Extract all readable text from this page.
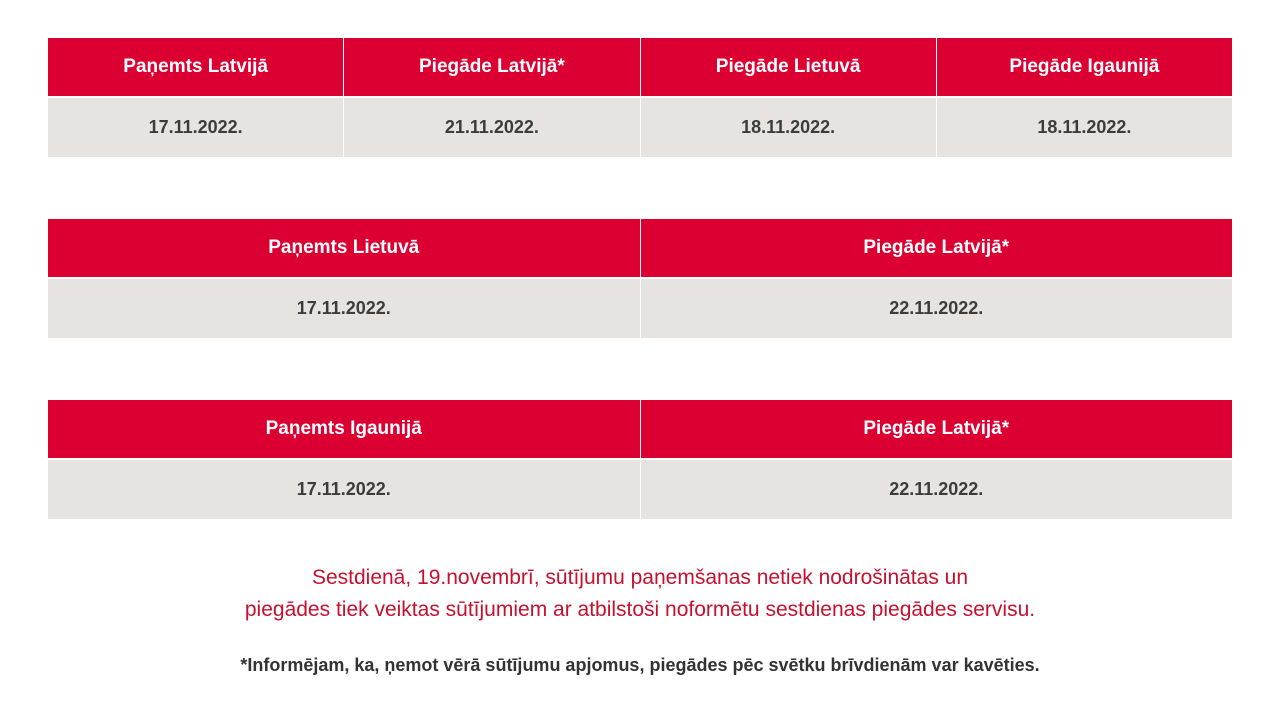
Paņemts Latvijā	Piegāde Latvijā*	Piegāde Lietuvā	Piegāde Igaunijā
17.11.2022.	21.11.2022.	18.11.2022.	18.11.2022.
Paņemts Lietuvā	Piegāde Latvijā*
17.11.2022.	22.11.2022.
Paņemts Igaunijā	Piegāde Latvijā*
17.11.2022.	22.11.2022.
Sestdienā, 19.novembrī, sūtījumu paņemšanas netiek nodrošinātas un
piegādes tiek veiktas sūtījumiem ar atbilstoši noformētu sestdienas piegādes servisu.
*Informējam, ka, ņemot vērā sūtījumu apjomus, piegādes pēc svētku brīvdienām var kavēties.
